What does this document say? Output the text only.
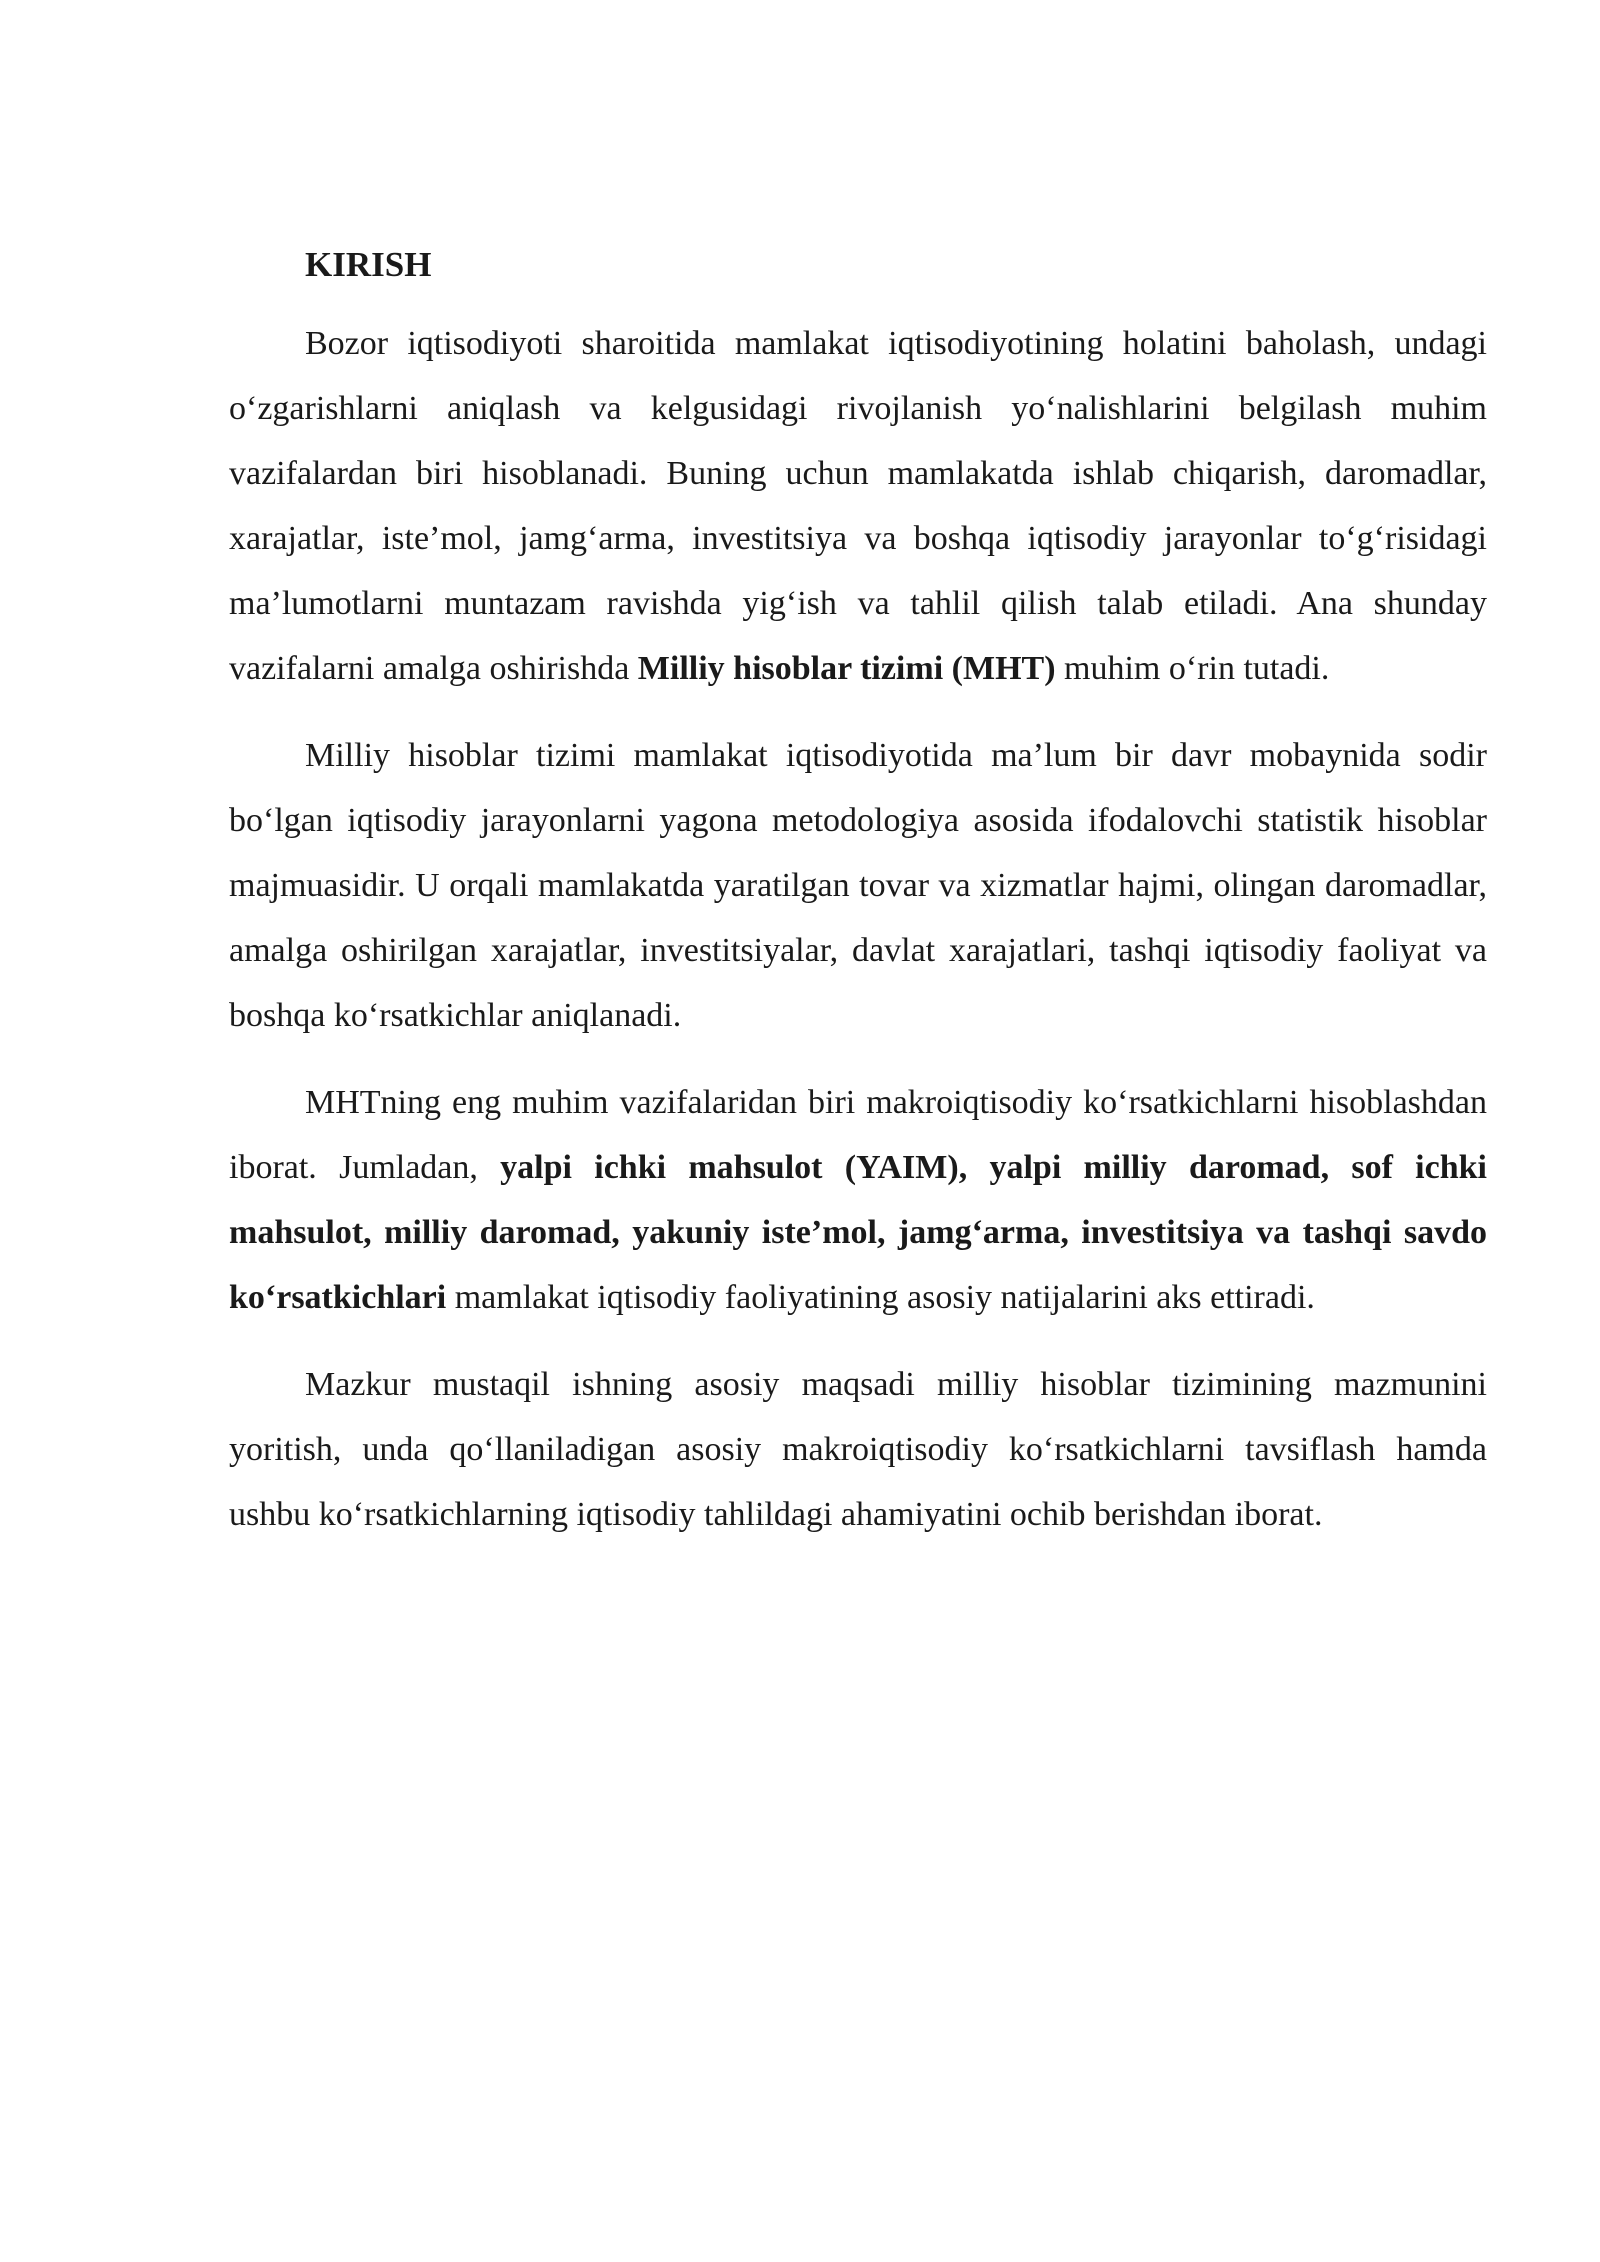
KIRISH

Bozor iqtisodiyoti sharoitida mamlakat iqtisodiyotining holatini baholash, undagi o‘zgarishlarni aniqlash va kelgusidagi rivojlanish yo‘nalishlarini belgilash muhim vazifalardan biri hisoblanadi. Buning uchun mamlakatda ishlab chiqarish, daromadlar, xarajatlar, iste’mol, jamg‘arma, investitsiya va boshqa iqtisodiy jarayonlar to‘g‘risidagi ma’lumotlarni muntazam ravishda yig‘ish va tahlil qilish talab etiladi. Ana shunday vazifalarni amalga oshirishda Milliy hisoblar tizimi (MHT) muhim o‘rin tutadi.

Milliy hisoblar tizimi mamlakat iqtisodiyotida ma’lum bir davr mobaynida sodir bo‘lgan iqtisodiy jarayonlarni yagona metodologiya asosida ifodalovchi statistik hisoblar majmuasidir. U orqali mamlakatda yaratilgan tovar va xizmatlar hajmi, olingan daromadlar, amalga oshirilgan xarajatlar, investitsiyalar, davlat xarajatlari, tashqi iqtisodiy faoliyat va boshqa ko‘rsatkichlar aniqlanadi.

MHTning eng muhim vazifalaridan biri makroiqtisodiy ko‘rsatkichlarni hisoblashdan iborat. Jumladan, yalpi ichki mahsulot (YAIM), yalpi milliy daromad, sof ichki mahsulot, milliy daromad, yakuniy iste’mol, jamg‘arma, investitsiya va tashqi savdo ko‘rsatkichlari mamlakat iqtisodiy faoliyatining asosiy natijalarini aks ettiradi.

Mazkur mustaqil ishning asosiy maqsadi milliy hisoblar tizimining mazmunini yoritish, unda qo‘llaniladigan asosiy makroiqtisodiy ko‘rsatkichlarni tavsiflash hamda ushbu ko‘rsatkichlarning iqtisodiy tahlildagi ahamiyatini ochib berishdan iborat.
